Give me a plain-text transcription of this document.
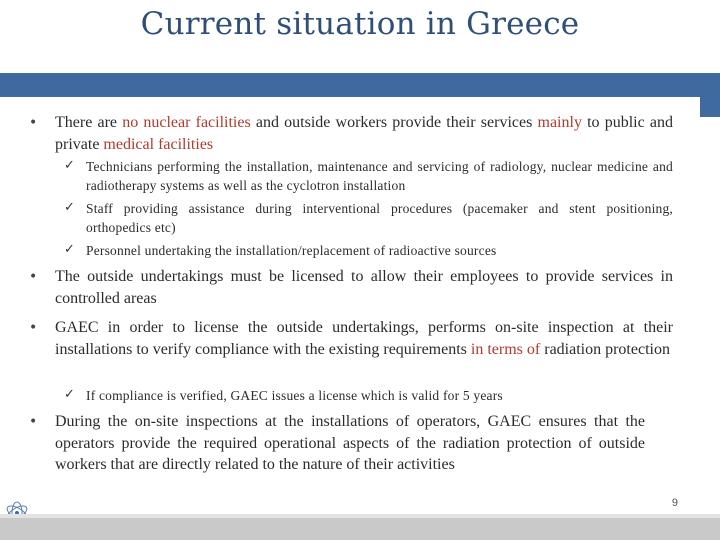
Current situation in Greece
• There are no nuclear facilities and outside workers provide their services mainly to public and private medical facilities
✓ Technicians performing the installation, maintenance and servicing of radiology, nuclear medicine and radiotherapy systems as well as the cyclotron installation
✓ Staff providing assistance during interventional procedures (pacemaker and stent positioning, orthopedics etc)
✓ Personnel undertaking the installation/replacement of radioactive sources
• The outside undertakings must be licensed to allow their employees to provide services in controlled areas
• GAEC in order to license the outside undertakings, performs on-site inspection at their installations to verify compliance with the existing requirements in terms of radiation protection
✓ If compliance is verified, GAEC issues a license which is valid for 5 years
• During the on-site inspections at the installations of operators, GAEC ensures that the operators provide the required operational aspects of the radiation protection of outside workers that are directly related to the nature of their activities
9
